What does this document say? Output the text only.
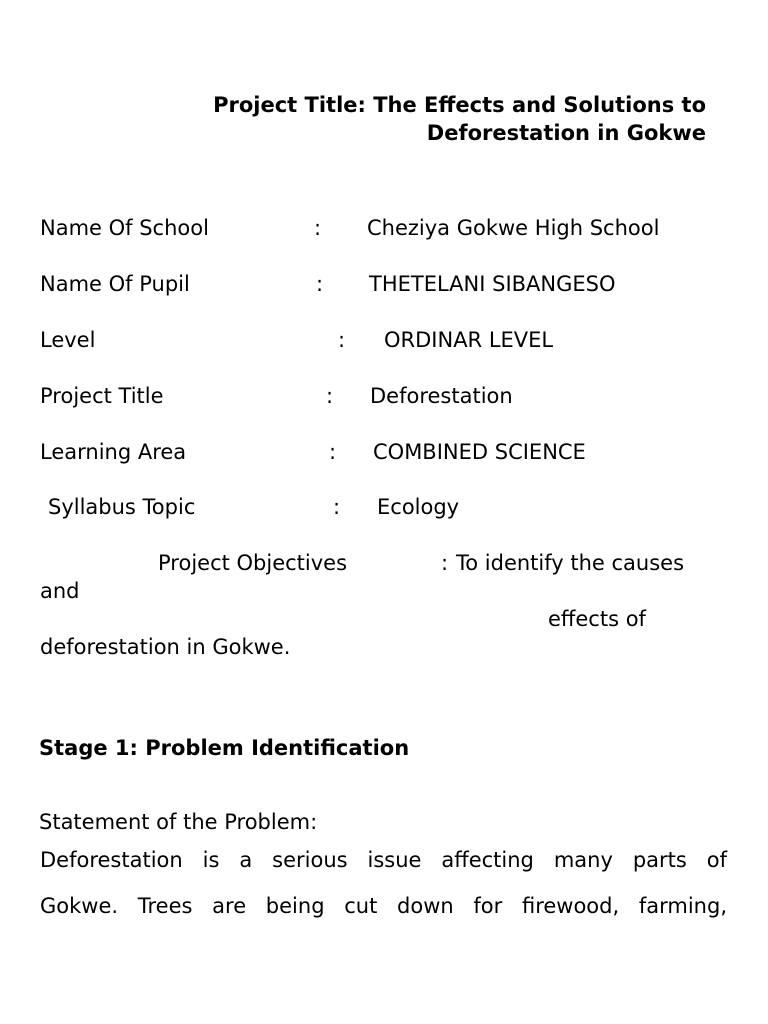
Project Title: The Effects and Solutions to
Deforestation in Gokwe
Name Of School	: Cheziya Gokwe High School
Name Of Pupil	: THETELANI SIBANGESO
Level	: ORDINAR LEVEL
Project Title	: Deforestation
Learning Area	: COMBINED SCIENCE
Syllabus Topic	: Ecology
Project Objectives	: To identify the causes
and
effects of
deforestation in Gokwe.
Stage 1: Problem Identification
Statement of the Problem:
Deforestation is a serious issue affecting many parts of
Gokwe. Trees are being cut down for firewood, farming,
